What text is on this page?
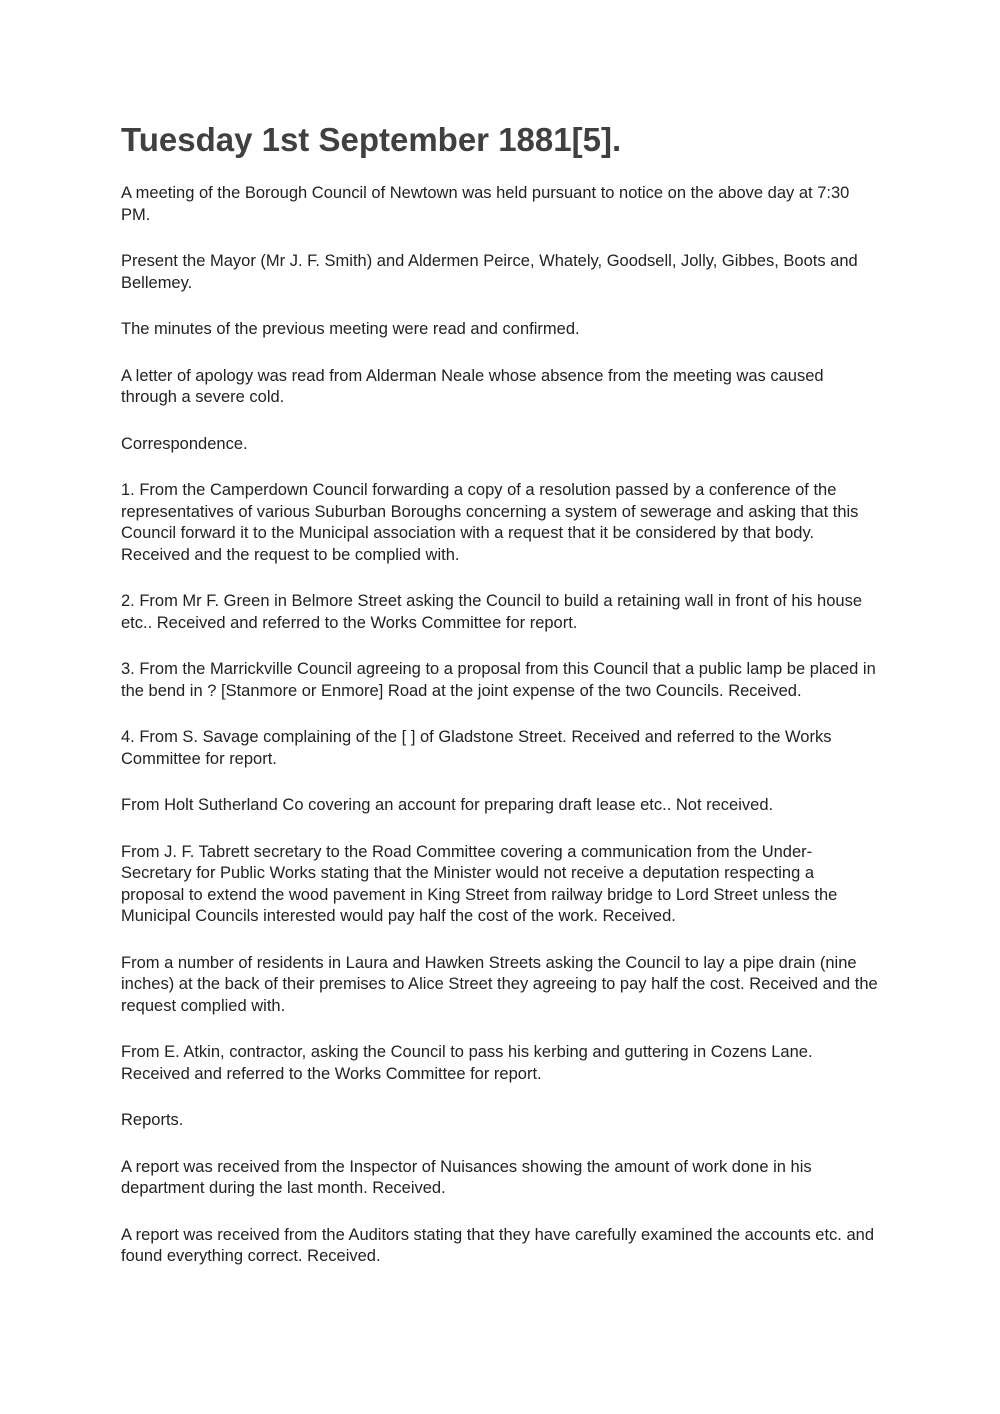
Tuesday 1st September 1881[5].

A meeting of the Borough Council of Newtown was held pursuant to notice on the above day at 7:30 PM.

Present the Mayor (Mr J. F. Smith) and Aldermen Peirce, Whately, Goodsell, Jolly, Gibbes, Boots and Bellemey.

The minutes of the previous meeting were read and confirmed.

A letter of apology was read from Alderman Neale whose absence from the meeting was caused through a severe cold.

Correspondence.

1. From the Camperdown Council forwarding a copy of a resolution passed by a conference of the representatives of various Suburban Boroughs concerning a system of sewerage and asking that this Council forward it to the Municipal association with a request that it be considered by that body. Received and the request to be complied with.

2. From Mr F. Green in Belmore Street asking the Council to build a retaining wall in front of his house etc.. Received and referred to the Works Committee for report.

3. From the Marrickville Council agreeing to a proposal from this Council that a public lamp be placed in the bend in ? [Stanmore or Enmore] Road at the joint expense of the two Councils. Received.

4. From S. Savage complaining of the [ ] of Gladstone Street. Received and referred to the Works Committee for report.

From Holt Sutherland Co covering an account for preparing draft lease etc.. Not received.

From J. F. Tabrett secretary to the Road Committee covering a communication from the Under-Secretary for Public Works stating that the Minister would not receive a deputation respecting a proposal to extend the wood pavement in King Street from railway bridge to Lord Street unless the Municipal Councils interested would pay half the cost of the work. Received.

From a number of residents in Laura and Hawken Streets asking the Council to lay a pipe drain (nine inches) at the back of their premises to Alice Street they agreeing to pay half the cost. Received and the request complied with.

From E. Atkin, contractor, asking the Council to pass his kerbing and guttering in Cozens Lane. Received and referred to the Works Committee for report.

Reports.

A report was received from the Inspector of Nuisances showing the amount of work done in his department during the last month. Received.

A report was received from the Auditors stating that they have carefully examined the accounts etc. and found everything correct. Received.
